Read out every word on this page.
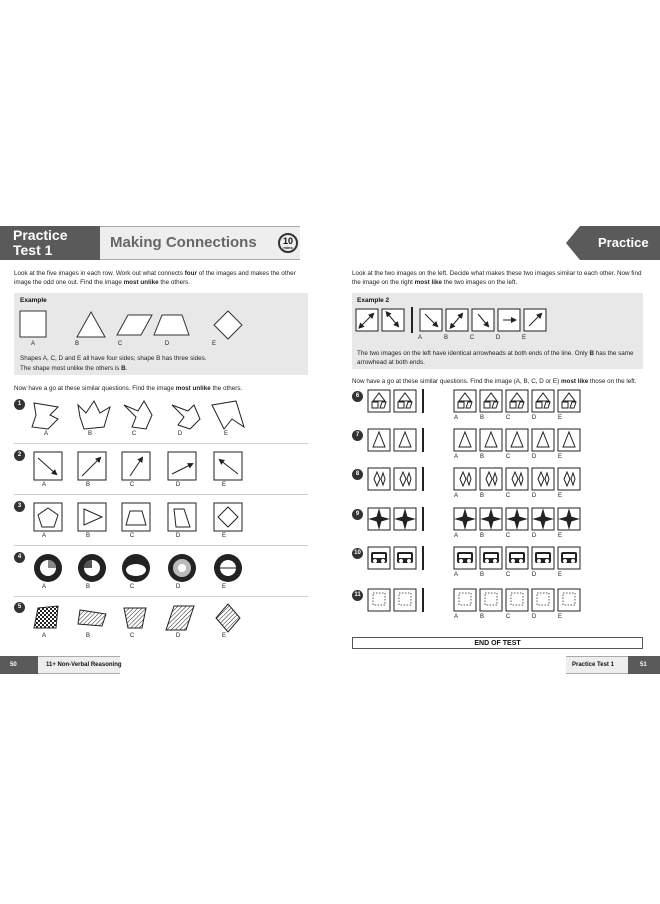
Practice
Test 1	Making Connections	10
mins
Look at the five images in each row. Work out what connects four of the images and makes the other image the odd one out. Find the image most unlike the others.
Example
A	B	C	D	E
Shapes A, C, D and E all have four sides; shape B has three sides.
The shape most unlike the others is B.
Now have a go at these similar questions. Find the image most unlike the others.
1
A	B	C	D	E
2
A	B	C	D	E
3
A	B	C	D	E
4
A	B	C	D	E
5
A	B	C	D	E
50	11+ Non-Verbal Reasoning
Practice
Look at the two images on the left. Decide what makes these two images similar to each other. Now find the image on the right most like the two images on the left.
Example 2
A	B	C	D	E
The two images on the left have identical arrowheads at both ends of the line. Only B has the same arrowhead at both ends.
Now have a go at these similar questions. Find the image (A, B, C, D or E) most like those on the left.
6
A	B	C	D	E
7
A	B	C	D	E
8
A	B	C	D	E
9
A	B	C	D	E
10
A	B	C	D	E
11
A	B	C	D	E
END OF TEST
Practice Test 1	51
